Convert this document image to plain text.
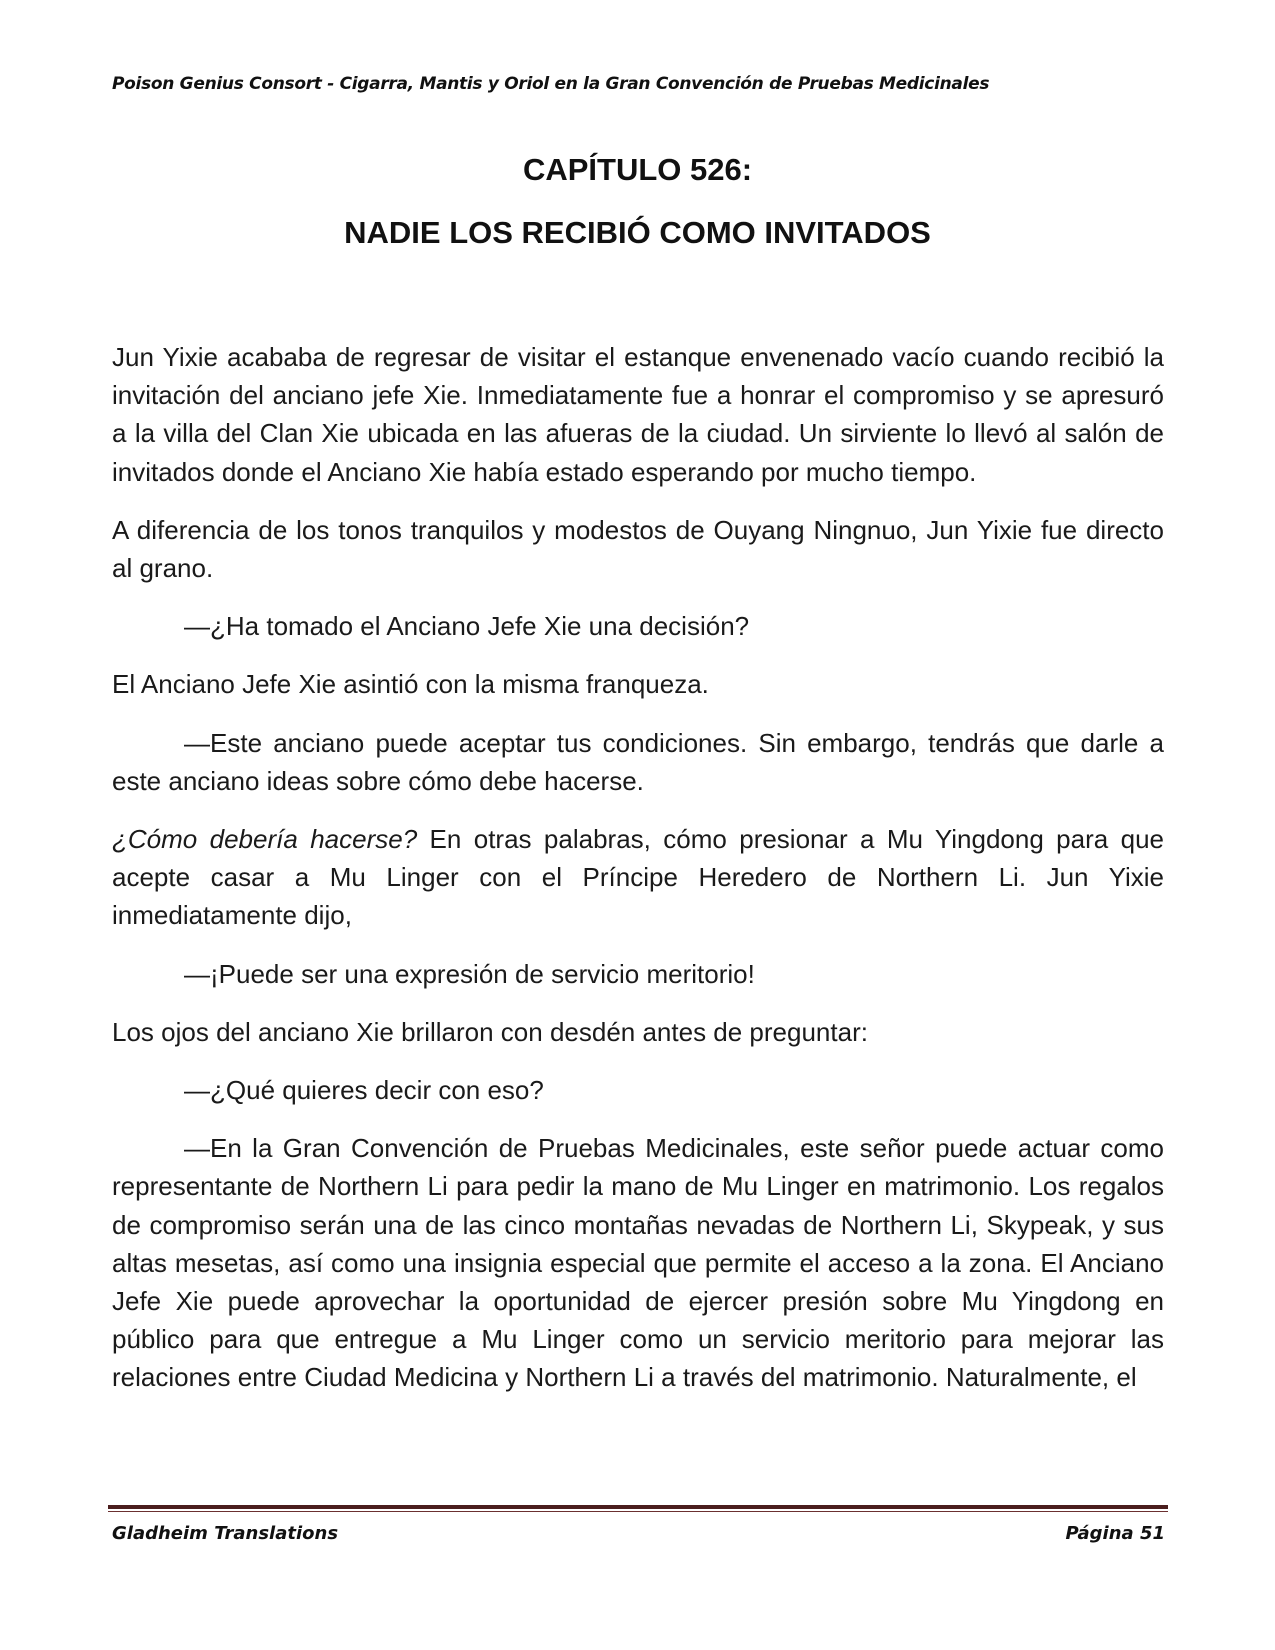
Poison Genius Consort - Cigarra, Mantis y Oriol en la Gran Convención de Pruebas Medicinales
CAPÍTULO 526:
NADIE LOS RECIBIÓ COMO INVITADOS

Jun Yixie acababa de regresar de visitar el estanque envenenado vacío cuando recibió la invitación del anciano jefe Xie. Inmediatamente fue a honrar el compromiso y se apresuró a la villa del Clan Xie ubicada en las afueras de la ciudad. Un sirviente lo llevó al salón de invitados donde el Anciano Xie había estado esperando por mucho tiempo.

A diferencia de los tonos tranquilos y modestos de Ouyang Ningnuo, Jun Yixie fue directo al grano.

—¿Ha tomado el Anciano Jefe Xie una decisión?

El Anciano Jefe Xie asintió con la misma franqueza.

—Este anciano puede aceptar tus condiciones. Sin embargo, tendrás que darle a este anciano ideas sobre cómo debe hacerse.

¿Cómo debería hacerse? En otras palabras, cómo presionar a Mu Yingdong para que acepte casar a Mu Linger con el Príncipe Heredero de Northern Li. Jun Yixie inmediatamente dijo,

—¡Puede ser una expresión de servicio meritorio!

Los ojos del anciano Xie brillaron con desdén antes de preguntar:

—¿Qué quieres decir con eso?

—En la Gran Convención de Pruebas Medicinales, este señor puede actuar como representante de Northern Li para pedir la mano de Mu Linger en matrimonio. Los regalos de compromiso serán una de las cinco montañas nevadas de Northern Li, Skypeak, y sus altas mesetas, así como una insignia especial que permite el acceso a la zona. El Anciano Jefe Xie puede aprovechar la oportunidad de ejercer presión sobre Mu Yingdong en público para que entregue a Mu Linger como un servicio meritorio para mejorar las relaciones entre Ciudad Medicina y Northern Li a través del matrimonio. Naturalmente, el

Gladheim Translations	Página 51
